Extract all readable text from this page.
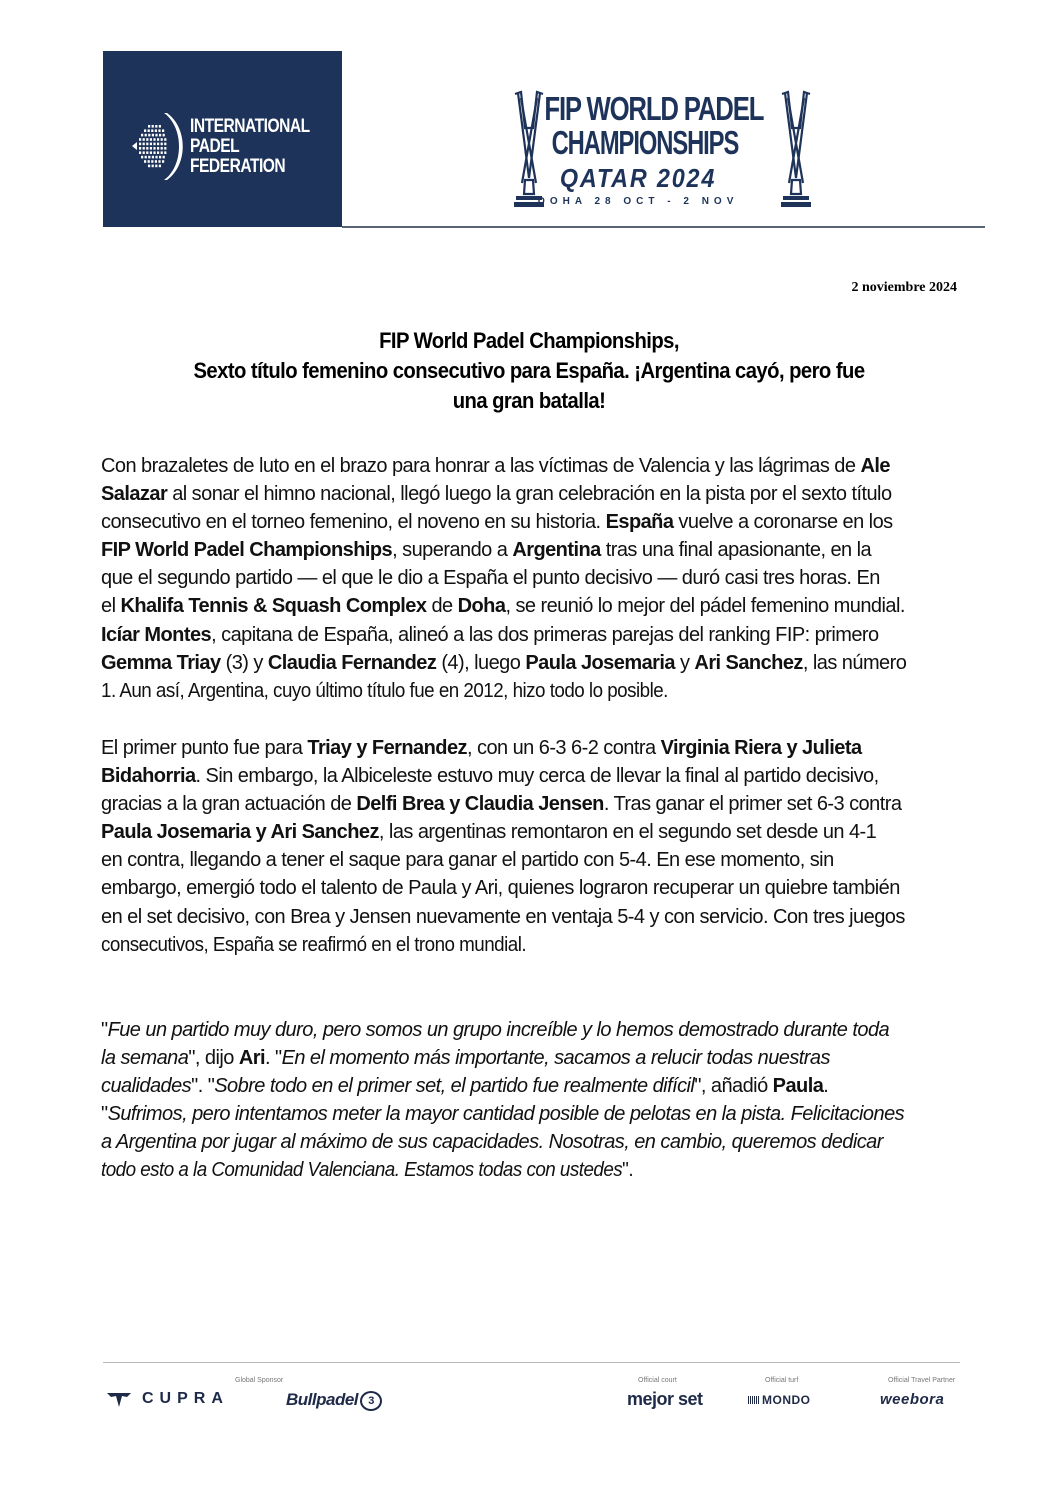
INTERNATIONAL
PADEL
FEDERATION
FIP WORLD PADEL
CHAMPIONSHIPS
QATAR 2024
DOHA 28 OCT - 2 NOV
2 noviembre 2024
FIP World Padel Championships,
Sexto título femenino consecutivo para España. ¡Argentina cayó, pero fue
una gran batalla!
Con brazaletes de luto en el brazo para honrar a las víctimas de Valencia y las lágrimas de Ale
Salazar al sonar el himno nacional, llegó luego la gran celebración en la pista por el sexto título
consecutivo en el torneo femenino, el noveno en su historia. España vuelve a coronarse en los
FIP World Padel Championships, superando a Argentina tras una final apasionante, en la
que el segundo partido — el que le dio a España el punto decisivo — duró casi tres horas. En
el Khalifa Tennis & Squash Complex de Doha, se reunió lo mejor del pádel femenino mundial.
Icíar Montes, capitana de España, alineó a las dos primeras parejas del ranking FIP: primero
Gemma Triay (3) y Claudia Fernandez (4), luego Paula Josemaria y Ari Sanchez, las número
1. Aun así, Argentina, cuyo último título fue en 2012, hizo todo lo posible.
El primer punto fue para Triay y Fernandez, con un 6-3 6-2 contra Virginia Riera y Julieta
Bidahorria. Sin embargo, la Albiceleste estuvo muy cerca de llevar la final al partido decisivo,
gracias a la gran actuación de Delfi Brea y Claudia Jensen. Tras ganar el primer set 6-3 contra
Paula Josemaria y Ari Sanchez, las argentinas remontaron en el segundo set desde un 4-1
en contra, llegando a tener el saque para ganar el partido con 5-4. En ese momento, sin
embargo, emergió todo el talento de Paula y Ari, quienes lograron recuperar un quiebre también
en el set decisivo, con Brea y Jensen nuevamente en ventaja 5-4 y con servicio. Con tres juegos
consecutivos, España se reafirmó en el trono mundial.
"Fue un partido muy duro, pero somos un grupo increíble y lo hemos demostrado durante toda
la semana", dijo Ari. "En el momento más importante, sacamos a relucir todas nuestras
cualidades". "Sobre todo en el primer set, el partido fue realmente difícil", añadió Paula.
"Sufrimos, pero intentamos meter la mayor cantidad posible de pelotas en la pista. Felicitaciones
a Argentina por jugar al máximo de sus capacidades. Nosotras, en cambio, queremos dedicar
todo esto a la Comunidad Valenciana. Estamos todas con ustedes".
Global Sponsor
CUPRA	Bullpadel 3
Official court
mejor set
Official turf
MONDO
Official Travel Partner
weebora
